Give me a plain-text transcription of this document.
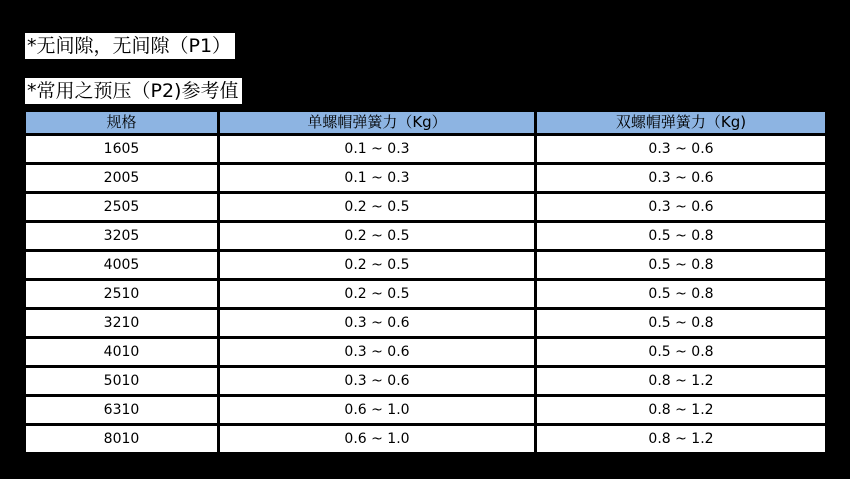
*无间隙，无间隙（P1）
*常用之预压（P2)参考值
规格	单螺帽弹簧力（Kg）	双螺帽弹簧力（Kg)
1605	0.1 ~ 0.3	0.3 ~ 0.6
2005	0.1 ~ 0.3	0.3 ~ 0.6
2505	0.2 ~ 0.5	0.3 ~ 0.6
3205	0.2 ~ 0.5	0.5 ~ 0.8
4005	0.2 ~ 0.5	0.5 ~ 0.8
2510	0.2 ~ 0.5	0.5 ~ 0.8
3210	0.3 ~ 0.6	0.5 ~ 0.8
4010	0.3 ~ 0.6	0.5 ~ 0.8
5010	0.3 ~ 0.6	0.8 ~ 1.2
6310	0.6 ~ 1.0	0.8 ~ 1.2
8010	0.6 ~ 1.0	0.8 ~ 1.2
